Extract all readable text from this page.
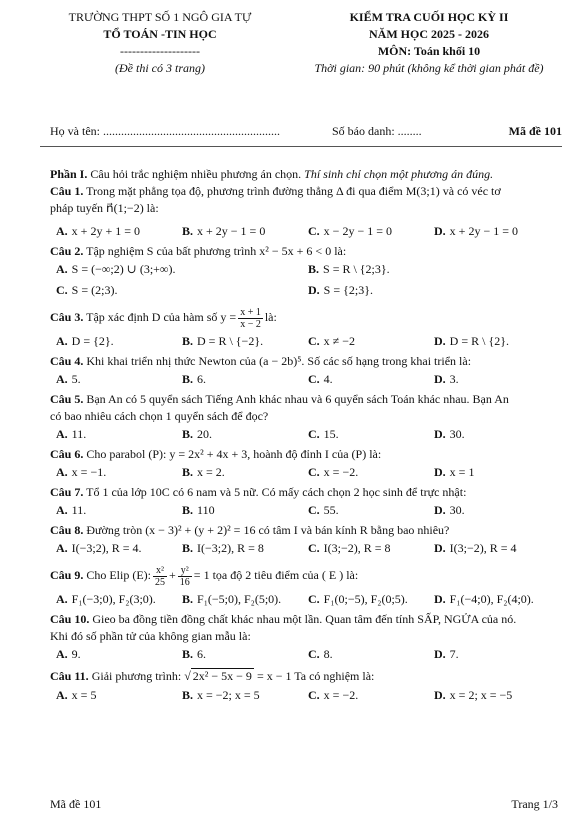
TRƯỜNG THPT SỐ 1 NGÔ GIA TỰ
TỔ TOÁN -TIN HỌC
--------------------
(Đề thi có 3 trang)
KIỂM TRA CUỐI HỌC KỲ II
NĂM HỌC 2025 - 2026
MÔN: Toán khối 10
Thời gian: 90 phút (không kể thời gian phát đề)
Họ và tên: ...........................................................	Số báo danh: ........	Mã đề 101
Phần I. Câu hỏi trắc nghiệm nhiều phương án chọn. Thí sinh chỉ chọn một phương án đúng.
Câu 1. Trong mặt phẳng tọa độ, phương trình đường thẳng Δ đi qua điểm M(3;1) và có véc tơ
pháp tuyến n⃗(1;−2) là:
A. x + 2y + 1 = 0	B. x + 2y − 1 = 0	C. x − 2y − 1 = 0	D. x + 2y − 1 = 0
Câu 2. Tập nghiệm S của bất phương trình x² − 5x + 6 < 0 là:
A. S = (−∞;2) ∪ (3;+∞).	B. S = R \ {2;3}.
C. S = (2;3).	D. S = {2;3}.
Câu 3. Tập xác định D của hàm số $y = \frac{x + 1}{x - 2}$ là:
A. D = {2}.	B. D = R \ {−2}.	C. x ≠ −2	D. D = R \ {2}.
Câu 4. Khi khai triển nhị thức Newton của (a − 2b)⁵. Số các số hạng trong khai triển là:
A. 5.	B. 6.	C. 4.	D. 3.
Câu 5. Bạn An có 5 quyển sách Tiếng Anh khác nhau và 6 quyển sách Toán khác nhau. Bạn An
có bao nhiêu cách chọn 1 quyển sách để đọc?
A. 11.	B. 20.	C. 15.	D. 30.
Câu 6. Cho parabol (P): y = 2x² + 4x + 3, hoành độ đỉnh I của (P) là:
A. x = −1.	B. x = 2.	C. x = −2.	D. x = 1
Câu 7. Tổ 1 của lớp 10C có 6 nam và 5 nữ. Có mấy cách chọn 2 học sinh để trực nhật:
A. 11.	B. 110	C. 55.	D. 30.
Câu 8. Đường tròn (x − 3)² + (y + 2)² = 16 có tâm I và bán kính R bằng bao nhiêu?
A. I(−3;2), R = 4.	B. I(−3;2), R = 8	C. I(3;−2), R = 8	D. I(3;−2), R = 4
Câu 9. Cho Elip (E): $\frac{\text{x²}}{25} + \frac{\text{y²}}{16} = 1$ tọa độ 2 tiêu điểm của ( E ) là:
A. F₁(−3;0), F₂(3;0).	B. F₁(−5;0), F₂(5;0).	C. F₁(0;−5), F₂(0;5).	D. F₁(−4;0), F₂(4;0).
Câu 10. Gieo ba đồng tiền đồng chất khác nhau một lần. Quan tâm đến tính SẤP, NGỬA của nó.
Khi đó số phần tử của không gian mẫu là:
A. 9.	B. 6.	C. 8.	D. 7.
Câu 11. Giải phương trình: √ 2x² − 5x − 9 = x − 1 Ta có nghiệm là:
A. x = 5	B. x = −2; x = 5	C. x = −2.	D. x = 2; x = −5
Mã đề 101	Trang 1/3
